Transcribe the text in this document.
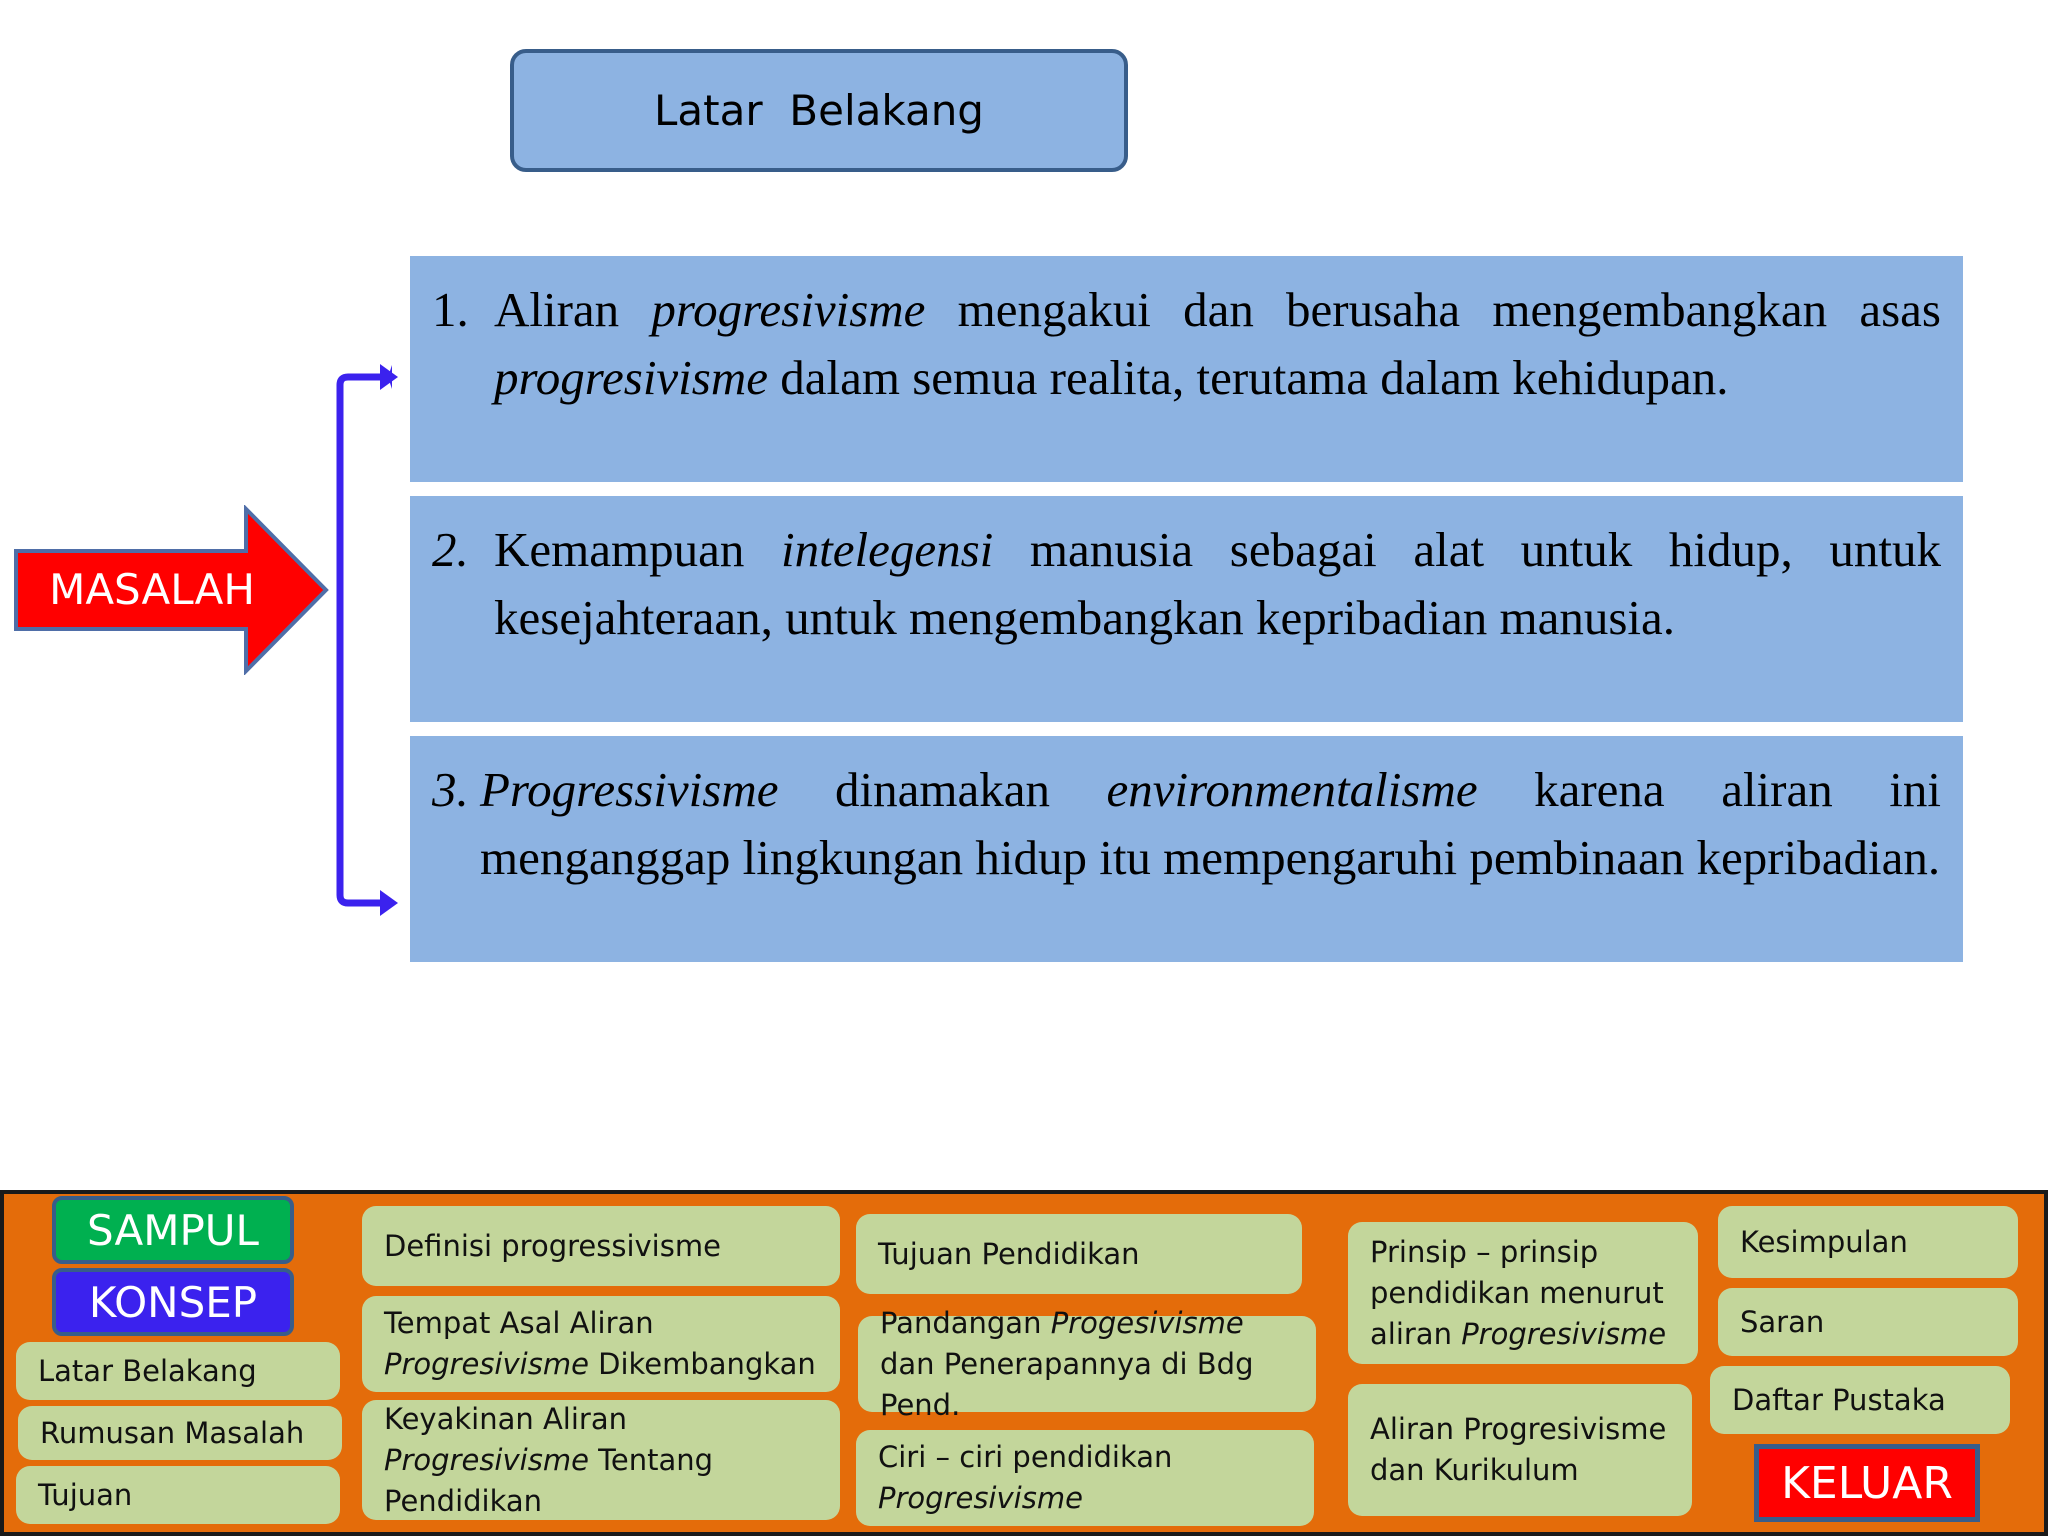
Latar  Belakang
MASALAH
1. Aliran progresivisme mengakui dan berusaha mengembangkan asas progresivisme dalam semua realita, terutama dalam kehidupan.

2. Kemampuan intelegensi manusia sebagai alat untuk hidup, untuk kesejahteraan, untuk mengembangkan kepribadian manusia.

3. Progressivisme dinamakan environmentalisme karena aliran ini menganggap lingkungan hidup itu mempengaruhi pembinaan kepribadian.

SAMPUL
KONSEP
Latar Belakang
Rumusan Masalah
Tujuan
Definisi progressivisme
Tempat Asal Aliran Progresivisme Dikembangkan
Keyakinan Aliran Progresivisme Tentang Pendidikan
Tujuan Pendidikan
Pandangan Progesivisme dan Penerapannya di Bdg Pend.
Ciri – ciri pendidikan Progresivisme
Prinsip – prinsip pendidikan menurut aliran Progresivisme
Aliran Progresivisme dan Kurikulum
Kesimpulan
Saran
Daftar Pustaka
KELUAR
